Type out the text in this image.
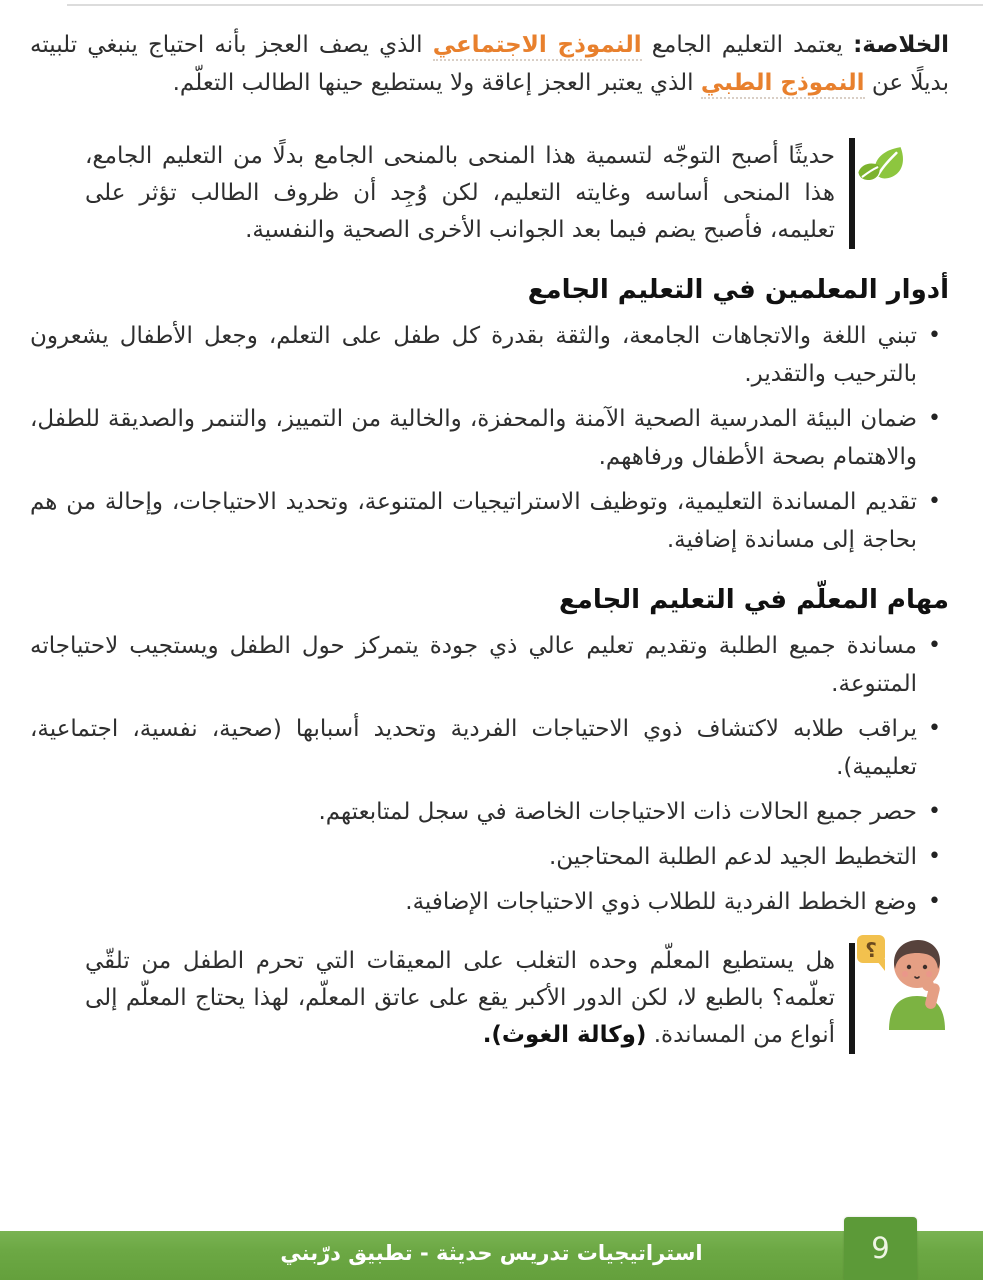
الخلاصة: يعتمد التعليم الجامع النموذج الاجتماعي الذي يصف العجز بأنه احتياج ينبغي تلبيته بديلًا عن النموذج الطبي الذي يعتبر العجز إعاقة ولا يستطيع حينها الطالب التعلّم.

حديثًا أصبح التوجّه لتسمية هذا المنحى بالمنحى الجامع بدلًا من التعليم الجامع، هذا المنحى أساسه وغايته التعليم، لكن وُجِد أن ظروف الطالب تؤثر على تعليمه، فأصبح يضم فيما بعد الجوانب الأخرى الصحية والنفسية.
أدوار المعلمين في التعليم الجامع
• تبني اللغة والاتجاهات الجامعة، والثقة بقدرة كل طفل على التعلم، وجعل الأطفال يشعرون بالترحيب والتقدير.
• ضمان البيئة المدرسية الصحية الآمنة والمحفزة، والخالية من التمييز، والتنمر والصديقة للطفل، والاهتمام بصحة الأطفال ورفاههم.
• تقديم المساندة التعليمية، وتوظيف الاستراتيجيات المتنوعة، وتحديد الاحتياجات، وإحالة من هم بحاجة إلى مساندة إضافية.
مهام المعلّم في التعليم الجامع
• مساندة جميع الطلبة وتقديم تعليم عالي ذي جودة يتمركز حول الطفل ويستجيب لاحتياجاته المتنوعة.
• يراقب طلابه لاكتشاف ذوي الاحتياجات الفردية وتحديد أسبابها (صحية، نفسية، اجتماعية، تعليمية).
• حصر جميع الحالات ذات الاحتياجات الخاصة في سجل لمتابعتهم.
• التخطيط الجيد لدعم الطلبة المحتاجين.
• وضع الخطط الفردية للطلاب ذوي الاحتياجات الإضافية.
؟
هل يستطيع المعلّم وحده التغلب على المعيقات التي تحرم الطفل من تلقّي تعلّمه؟ بالطبع لا، لكن الدور الأكبر يقع على عاتق المعلّم، لهذا يحتاج المعلّم إلى أنواع من المساندة. (وكالة الغوث).
استراتيجيات تدريس حديثة - تطبيق درّبني	9
